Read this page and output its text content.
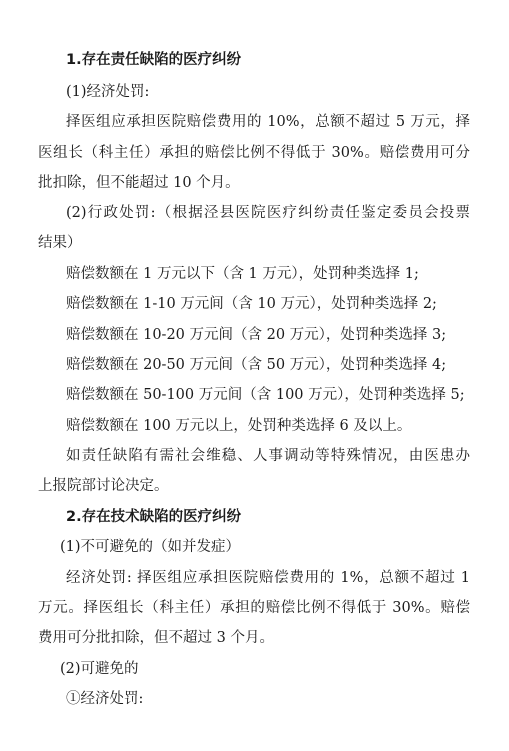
1.存在责任缺陷的医疗纠纷
(1)经济处罚:
择医组应承担医院赔偿费用的 10%，总额不超过 5 万元，择
医组长（科主任）承担的赔偿比例不得低于 30%。赔偿费用可分
批扣除，但不能超过 10 个月。
(2)行政处罚:（根据泾县医院医疗纠纷责任鉴定委员会投票
结果）
赔偿数额在 1 万元以下（含 1 万元），处罚种类选择 1;
赔偿数额在 1-10 万元间（含 10 万元），处罚种类选择 2;
赔偿数额在 10-20 万元间（含 20 万元），处罚种类选择 3;
赔偿数额在 20-50 万元间（含 50 万元），处罚种类选择 4;
赔偿数额在 50-100 万元间（含 100 万元），处罚种类选择 5;
赔偿数额在 100 万元以上，处罚种类选择 6 及以上。
如责任缺陷有需社会维稳、人事调动等特殊情况，由医患办
上报院部讨论决定。
2.存在技术缺陷的医疗纠纷
(1)不可避免的（如并发症）
经济处罚: 择医组应承担医院赔偿费用的 1%，总额不超过 1
万元。择医组长（科主任）承担的赔偿比例不得低于 30%。赔偿
费用可分批扣除，但不超过 3 个月。
(2)可避免的
①经济处罚:
